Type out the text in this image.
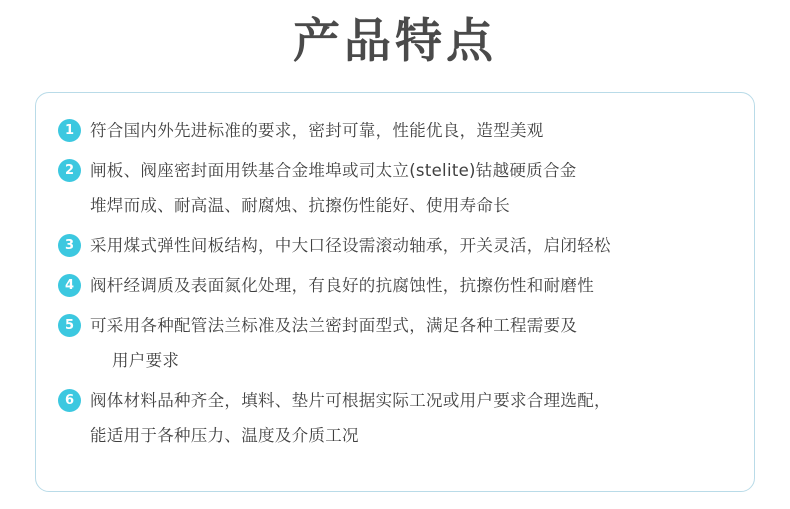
产品特点
1 符合国内外先进标准的要求，密封可靠，性能优良，造型美观
2 闸板、阀座密封面用铁基合金堆埠或司太立(stelite)钴越硬质合金
堆焊而成、耐高温、耐腐烛、抗擦伤性能好、使用寿命长
3 采用煤式弹性间板结构，中大口径设需滚动轴承，开关灵活，启闭轻松
4 阀杆经调质及表面氮化处理，有良好的抗腐蚀性，抗擦伤性和耐磨性
5 可采用各种配管法兰标准及法兰密封面型式，满足各种工程需要及
用户要求
6 阀体材料品种齐全，填料、垫片可根据实际工况或用户要求合理选配，
能适用于各种压力、温度及介质工况
